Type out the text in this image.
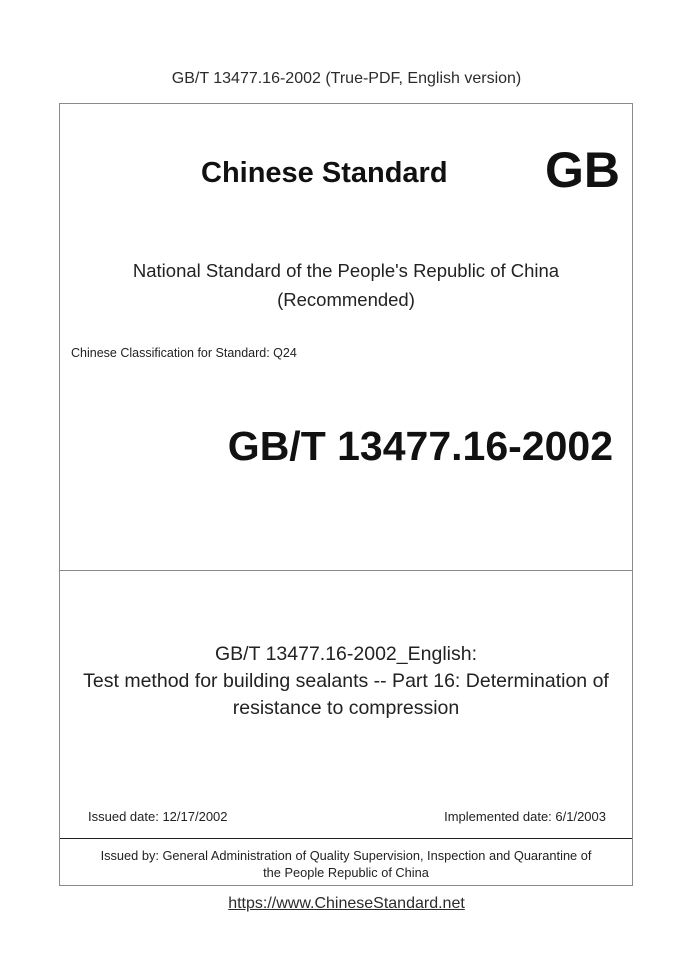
GB/T 13477.16-2002 (True-PDF, English version)
Chinese Standard GB
National Standard of the People's Republic of China
(Recommended)
Chinese Classification for Standard: Q24
GB/T 13477.16-2002
GB/T 13477.16-2002_English:
Test method for building sealants -- Part 16: Determination of
resistance to compression
Issued date: 12/17/2002	Implemented date: 6/1/2003
Issued by: General Administration of Quality Supervision, Inspection and Quarantine of
the People Republic of China
https://www.ChineseStandard.net
